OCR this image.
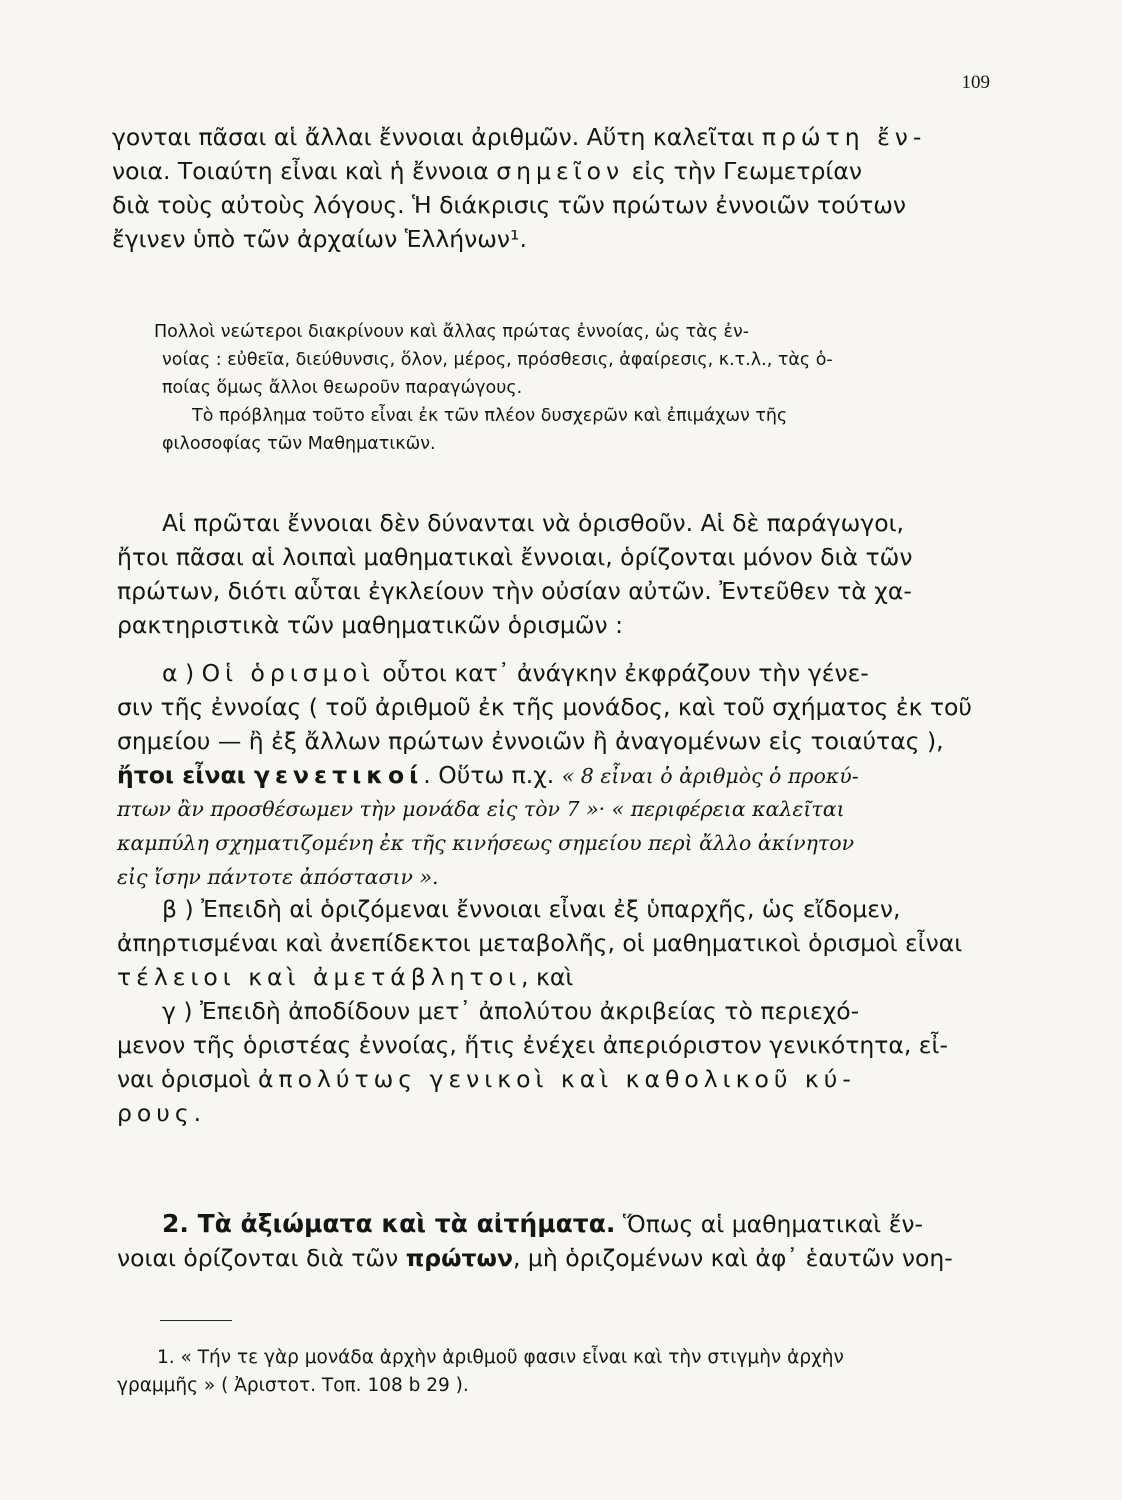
109
γονται πᾶσαι αἱ ἄλλαι ἔννοιαι ἀριθμῶν. Αὕτη καλεῖται πρώτη ἔν-
νοια. Τοιαύτη εἶναι καὶ ἡ ἔννοια σημεῖον εἰς τὴν Γεωμετρίαν
διὰ τοὺς αὐτοὺς λόγους. Ἡ διάκρισις τῶν πρώτων ἐννοιῶν τούτων
ἔγινεν ὑπὸ τῶν ἀρχαίων Ἑλλήνων¹.
Πολλοὶ νεώτεροι διακρίνουν καὶ ἄλλας πρώτας ἐννοίας, ὡς τὰς ἐν-
νοίας : εὐθεῖα, διεύθυνσις, ὅλον, μέρος, πρόσθεσις, ἀφαίρεσις, κ.τ.λ., τὰς ὁ-
ποίας ὅμως ἄλλοι θεωροῦν παραγώγους.
Τὸ πρόβλημα τοῦτο εἶναι ἐκ τῶν πλέον δυσχερῶν καὶ ἐπιμάχων τῆς
φιλοσοφίας τῶν Μαθηματικῶν.
Αἱ πρῶται ἔννοιαι δὲν δύνανται νὰ ὁρισθοῦν. Αἱ δὲ παράγωγοι,
ἤτοι πᾶσαι αἱ λοιπαὶ μαθηματικαὶ ἔννοιαι, ὁρίζονται μόνον διὰ τῶν
πρώτων, διότι αὗται ἐγκλείουν τὴν οὐσίαν αὐτῶν. Ἐντεῦθεν τὰ χα-
ρακτηριστικὰ τῶν μαθηματικῶν ὁρισμῶν :
α ) Οἱ ὁρισμοὶ οὗτοι κατ᾽ ἀνάγκην ἐκφράζουν τὴν γένε-
σιν τῆς ἐννοίας ( τοῦ ἀριθμοῦ ἐκ τῆς μονάδος, καὶ τοῦ σχήματος ἐκ τοῦ
σημείου — ἢ ἐξ ἄλλων πρώτων ἐννοιῶν ἢ ἀναγομένων εἰς τοιαύτας ),
ἤτοι εἶναι γενετικοί. Οὕτω π.χ. « 8 εἶναι ὁ ἀριθμὸς ὁ προκύ-
πτων ἂν προσθέσωμεν τὴν μονάδα εἰς τὸν 7 »· « περιφέρεια καλεῖται
καμπύλη σχηματιζομένη ἐκ τῆς κινήσεως σημείου περὶ ἄλλο ἀκίνητον
εἰς ἴσην πάντοτε ἀπόστασιν ».
β ) Ἐπειδὴ αἱ ὁριζόμεναι ἔννοιαι εἶναι ἐξ ὑπαρχῆς, ὡς εἴδομεν,
ἀπηρτισμέναι καὶ ἀνεπίδεκτοι μεταβολῆς, οἱ μαθηματικοὶ ὁρισμοὶ εἶναι
τέλειοι καὶ ἀμετάβλητοι, καὶ
γ ) Ἐπειδὴ ἀποδίδουν μετ᾽ ἀπολύτου ἀκριβείας τὸ περιεχό-
μενον τῆς ὁριστέας ἐννοίας, ἥτις ἐνέχει ἀπεριόριστον γενικότητα, εἶ-
ναι ὁρισμοὶ ἀπολύτως γενικοὶ καὶ καθολικοῦ κύ-
ρους.
2. Τὰ ἀξιώματα καὶ τὰ αἰτήματα. Ὅπως αἱ μαθηματικαὶ ἔν-
νοιαι ὁρίζονται διὰ τῶν πρώτων, μὴ ὁριζομένων καὶ ἀφ᾽ ἑαυτῶν νοη-
1. « Τήν τε γὰρ μονάδα ἀρχὴν ἀριθμοῦ φασιν εἶναι καὶ τὴν στιγμὴν ἀρχὴν
γραμμῆς » ( Ἀριστοτ. Τοπ. 108 b 29 ).
